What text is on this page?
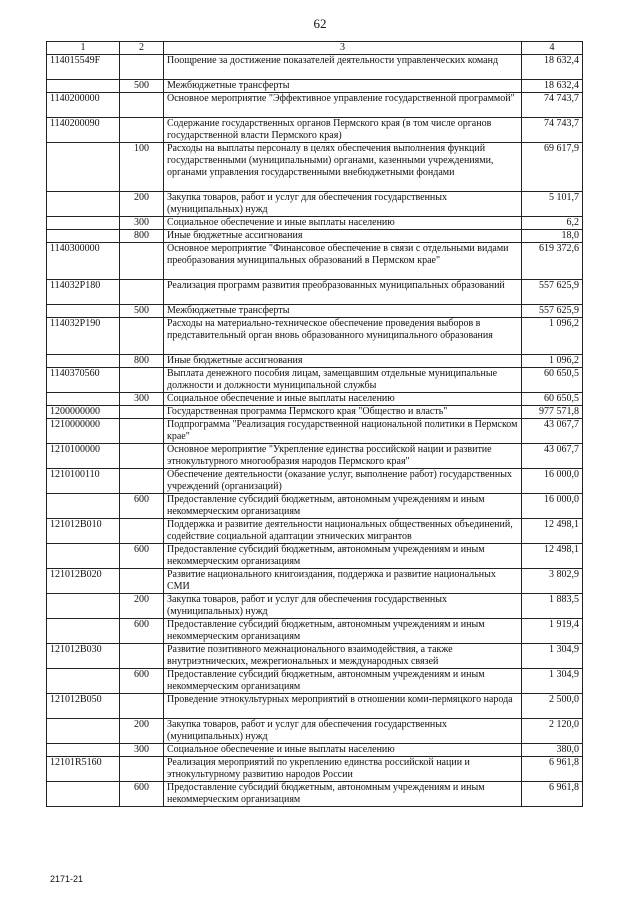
62
1	2	3	4
114015549F		Поощрение за достижение показателей деятельности управленческих команд	18 632,4
	500	Межбюджетные трансферты	18 632,4
1140200000		Основное мероприятие "Эффективное управление государственной программой"	74 743,7
1140200090		Содержание государственных органов Пермского края (в том числе органов государственной власти Пермского края)	74 743,7
	100	Расходы на выплаты персоналу в целях обеспечения выполнения функций государственными (муниципальными) органами, казенными учреждениями, органами управления государственными внебюджетными фондами	69 617,9
	200	Закупка товаров, работ и услуг для обеспечения государственных (муниципальных) нужд	5 101,7
	300	Социальное обеспечение и иные выплаты населению	6,2
	800	Иные бюджетные ассигнования	18,0
1140300000		Основное мероприятие "Финансовое обеспечение в связи с отдельными видами преобразования муниципальных образований в Пермском крае"	619 372,6
114032P180		Реализация программ развития преобразованных муниципальных образований	557 625,9
	500	Межбюджетные трансферты	557 625,9
114032P190		Расходы на материально-техническое обеспечение проведения выборов в представительный орган вновь образованного муниципального образования	1 096,2
	800	Иные бюджетные ассигнования	1 096,2
1140370560		Выплата денежного пособия лицам, замещавшим отдельные муниципальные должности и должности муниципальной службы	60 650,5
	300	Социальное обеспечение и иные выплаты населению	60 650,5
1200000000		Государственная программа Пермского края "Общество и власть"	977 571,8
1210000000		Подпрограмма "Реализация государственной национальной политики в Пермском крае"	43 067,7
1210100000		Основное мероприятие "Укрепление единства российской нации и развитие этнокультурного многообразия народов Пермского края"	43 067,7
1210100110		Обеспечение деятельности (оказание услуг, выполнение работ) государственных учреждений (организаций)	16 000,0
	600	Предоставление субсидий бюджетным, автономным учреждениям и иным некоммерческим организациям	16 000,0
121012В010		Поддержка и развитие деятельности национальных общественных объединений, содействие социальной адаптации этнических мигрантов	12 498,1
	600	Предоставление субсидий бюджетным, автономным учреждениям и иным некоммерческим организациям	12 498,1
121012В020		Развитие национального книгоиздания, поддержка и развитие национальных СМИ	3 802,9
	200	Закупка товаров, работ и услуг для обеспечения государственных (муниципальных) нужд	1 883,5
	600	Предоставление субсидий бюджетным, автономным учреждениям и иным некоммерческим организациям	1 919,4
121012В030		Развитие позитивного межнационального взаимодействия, а также внутриэтнических, межрегиональных и международных связей	1 304,9
	600	Предоставление субсидий бюджетным, автономным учреждениям и иным некоммерческим организациям	1 304,9
121012В050		Проведение этнокультурных мероприятий в отношении коми-пермяцкого народа	2 500,0
	200	Закупка товаров, работ и услуг для обеспечения государственных (муниципальных) нужд	2 120,0
	300	Социальное обеспечение и иные выплаты населению	380,0
12101R5160		Реализация мероприятий по укреплению единства российской нации и этнокультурному развитию народов России	6 961,8
	600	Предоставление субсидий бюджетным, автономным учреждениям и иным некоммерческим организациям	6 961,8
2171-21
